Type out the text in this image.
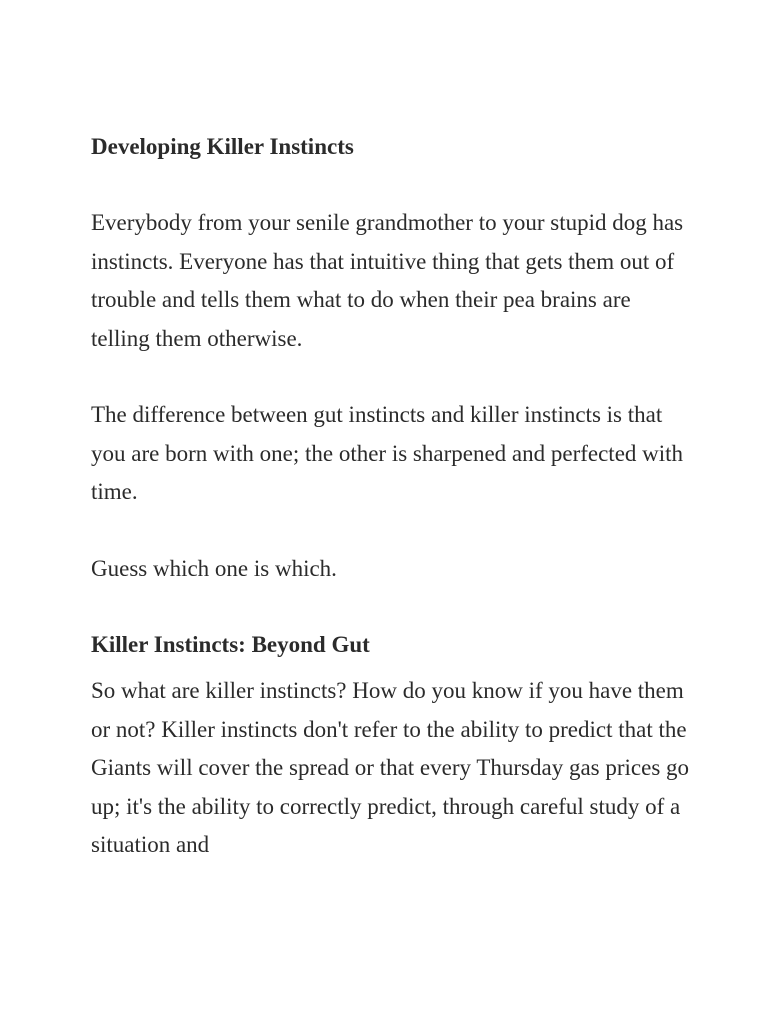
Developing Killer Instincts

Everybody from your senile grandmother to your stupid dog has instincts. Everyone has that intuitive thing that gets them out of trouble and tells them what to do when their pea brains are telling them otherwise.

The difference between gut instincts and killer instincts is that you are born with one; the other is sharpened and perfected with time.

Guess which one is which.

Killer Instincts: Beyond Gut

So what are killer instincts? How do you know if you have them or not? Killer instincts don't refer to the ability to predict that the Giants will cover the spread or that every Thursday gas prices go up; it's the ability to correctly predict, through careful study of a situation and
